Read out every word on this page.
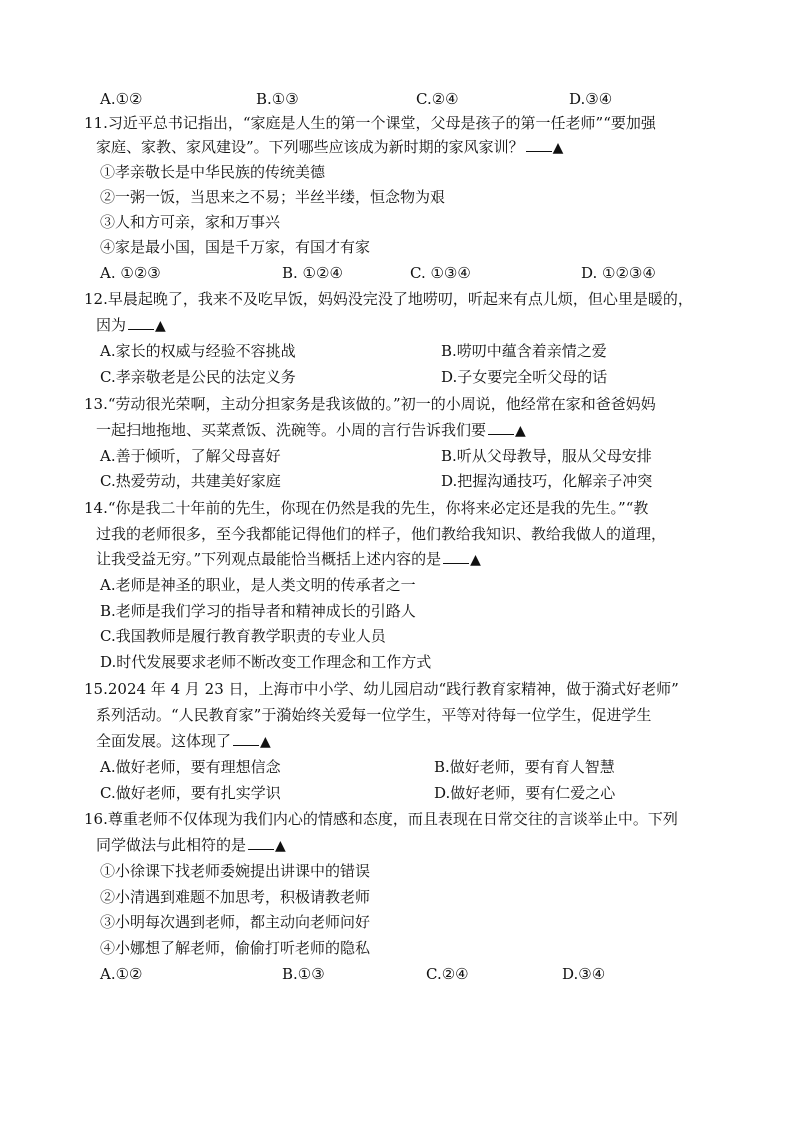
A.①②	B.①③	C.②④	D.③④
11.习近平总书记指出，“家庭是人生的第一个课堂，父母是孩子的第一任老师”“要加强
家庭、家教、家风建设”。下列哪些应该成为新时期的家风家训？ ▲
①孝亲敬长是中华民族的传统美德
②一粥一饭，当思来之不易；半丝半缕，恒念物为艰
③人和方可亲，家和万事兴
④家是最小国，国是千万家，有国才有家
A. ①②③	B. ①②④	C. ①③④	D. ①②③④
12.早晨起晚了，我来不及吃早饭，妈妈没完没了地唠叨，听起来有点儿烦，但心里是暖的，
因为 ▲
A.家长的权威与经验不容挑战	B.唠叨中蕴含着亲情之爱
C.孝亲敬老是公民的法定义务	D.子女要完全听父母的话
13.“劳动很光荣啊，主动分担家务是我该做的。”初一的小周说，他经常在家和爸爸妈妈
一起扫地拖地、买菜煮饭、洗碗等。小周的言行告诉我们要 ▲
A.善于倾听，了解父母喜好	B.听从父母教导，服从父母安排
C.热爱劳动，共建美好家庭	D.把握沟通技巧，化解亲子冲突
14.“你是我二十年前的先生，你现在仍然是我的先生，你将来必定还是我的先生。”“教
过我的老师很多，至今我都能记得他们的样子，他们教给我知识、教给我做人的道理，
让我受益无穷。”下列观点最能恰当概括上述内容的是 ▲
A.老师是神圣的职业，是人类文明的传承者之一
B.老师是我们学习的指导者和精神成长的引路人
C.我国教师是履行教育教学职责的专业人员
D.时代发展要求老师不断改变工作理念和工作方式
15.2024 年 4 月 23 日，上海市中小学、幼儿园启动“践行教育家精神，做于漪式好老师”
系列活动。“人民教育家”于漪始终关爱每一位学生，平等对待每一位学生，促进学生
全面发展。这体现了 ▲
A.做好老师，要有理想信念	B.做好老师，要有育人智慧
C.做好老师，要有扎实学识	D.做好老师，要有仁爱之心
16.尊重老师不仅体现为我们内心的情感和态度，而且表现在日常交往的言谈举止中。下列
同学做法与此相符的是 ▲
①小徐课下找老师委婉提出讲课中的错误
②小清遇到难题不加思考，积极请教老师
③小明每次遇到老师，都主动向老师问好
④小娜想了解老师，偷偷打听老师的隐私
A.①②	B.①③	C.②④	D.③④
